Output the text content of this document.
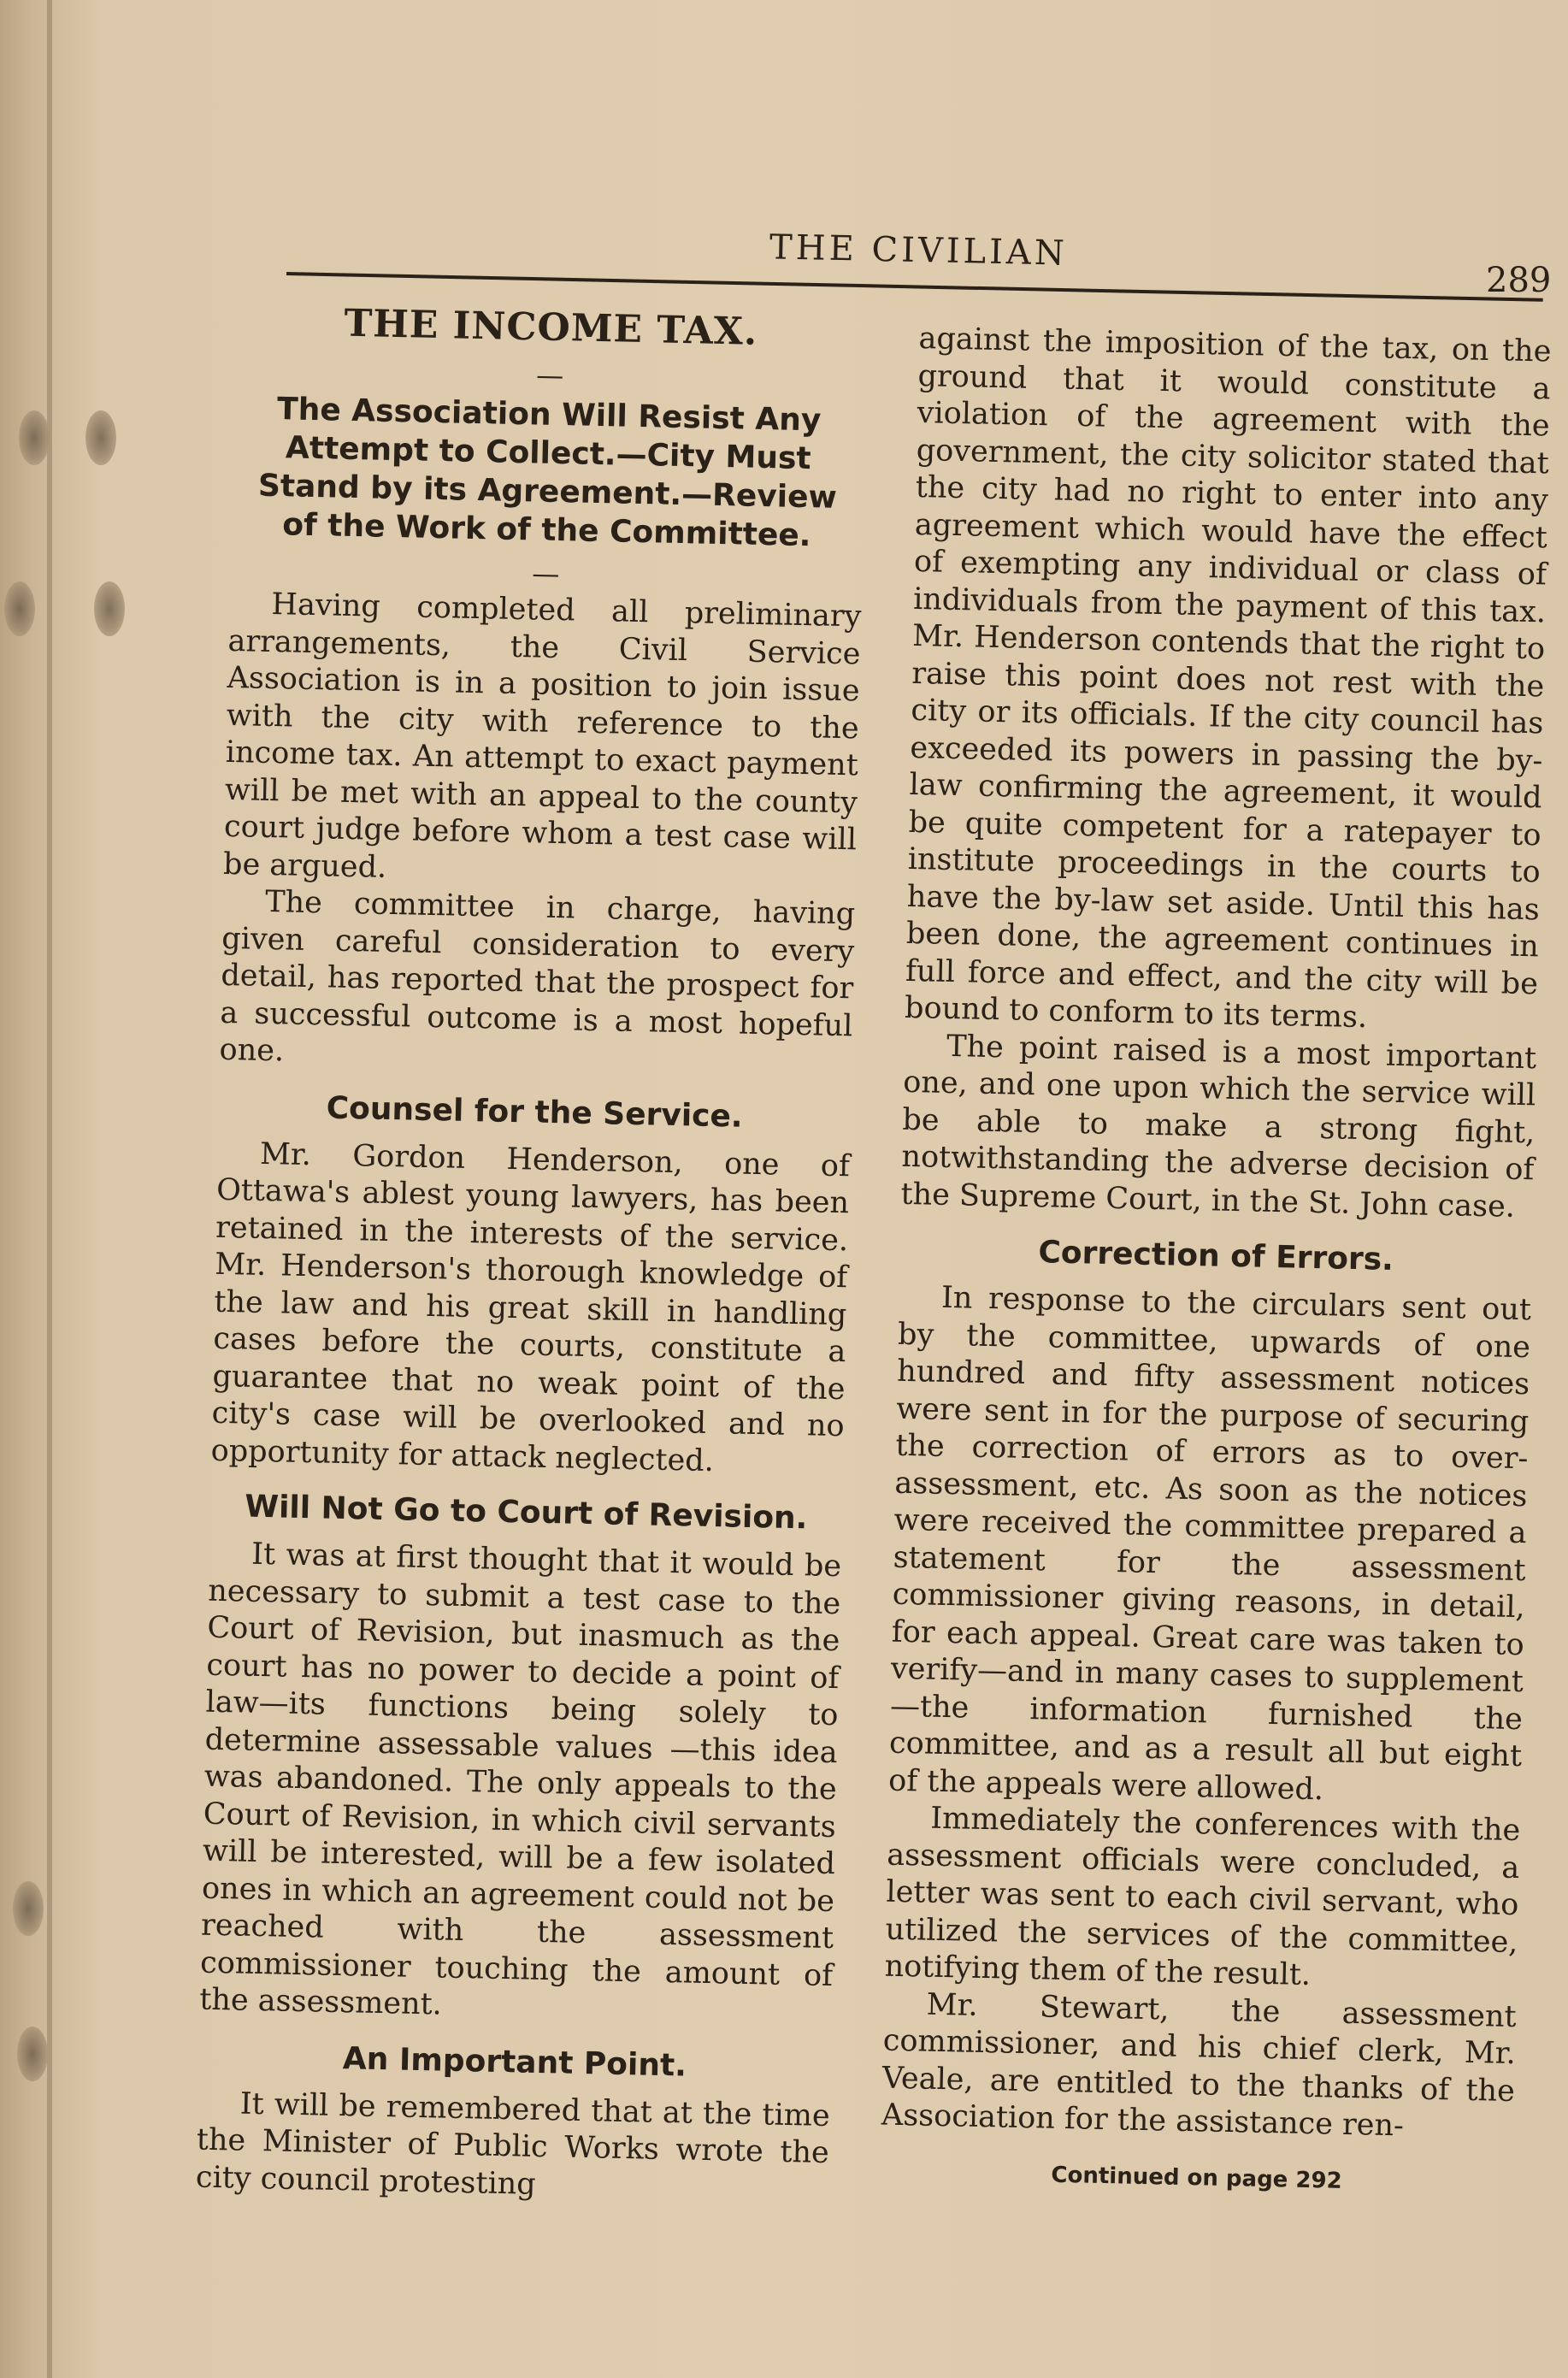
THE CIVILIAN
289
THE INCOME TAX.
—
The Association Will Resist Any Attempt to Collect.—City Must Stand by its Agreement.—Review of the Work of the Committee.
—

Having completed all preliminary arrangements, the Civil Service Association is in a position to join issue with the city with reference to the income tax. An attempt to exact payment will be met with an appeal to the county court judge before whom a test case will be argued.

The committee in charge, having given careful consideration to every detail, has reported that the prospect for a successful outcome is a most hopeful one.

Counsel for the Service.

Mr. Gordon Henderson, one of Ottawa's ablest young lawyers, has been retained in the interests of the service. Mr. Henderson's thorough knowledge of the law and his great skill in handling cases before the courts, constitute a guarantee that no weak point of the city's case will be overlooked and no opportunity for attack neglected.

Will Not Go to Court of Revision.

It was at first thought that it would be necessary to submit a test case to the Court of Revision, but inasmuch as the court has no power to decide a point of law—its functions being solely to determine assessable values —this idea was abandoned. The only appeals to the Court of Revision, in which civil servants will be interested, will be a few isolated ones in which an agreement could not be reached with the assessment commissioner touching the amount of the assessment.

An Important Point.

It will be remembered that at the time the Minister of Public Works wrote the city council protesting

against the imposition of the tax, on the ground that it would constitute a violation of the agreement with the government, the city solicitor stated that the city had no right to enter into any agreement which would have the effect of exempting any individual or class of individuals from the payment of this tax. Mr. Henderson contends that the right to raise this point does not rest with the city or its officials. If the city council has exceeded its powers in passing the by-law confirming the agreement, it would be quite competent for a ratepayer to institute proceedings in the courts to have the by-law set aside. Until this has been done, the agreement continues in full force and effect, and the city will be bound to conform to its terms.

The point raised is a most important one, and one upon which the service will be able to make a strong fight, notwithstanding the adverse decision of the Supreme Court, in the St. John case.

Correction of Errors.

In response to the circulars sent out by the committee, upwards of one hundred and fifty assessment notices were sent in for the purpose of securing the correction of errors as to over-assessment, etc. As soon as the notices were received the committee prepared a statement for the assessment commissioner giving reasons, in detail, for each appeal. Great care was taken to verify—and in many cases to supplement—the information furnished the committee, and as a result all but eight of the appeals were allowed.

Immediately the conferences with the assessment officials were concluded, a letter was sent to each civil servant, who utilized the services of the committee, notifying them of the result.

Mr. Stewart, the assessment commissioner, and his chief clerk, Mr. Veale, are entitled to the thanks of the Association for the assistance ren-

Continued on page 292
